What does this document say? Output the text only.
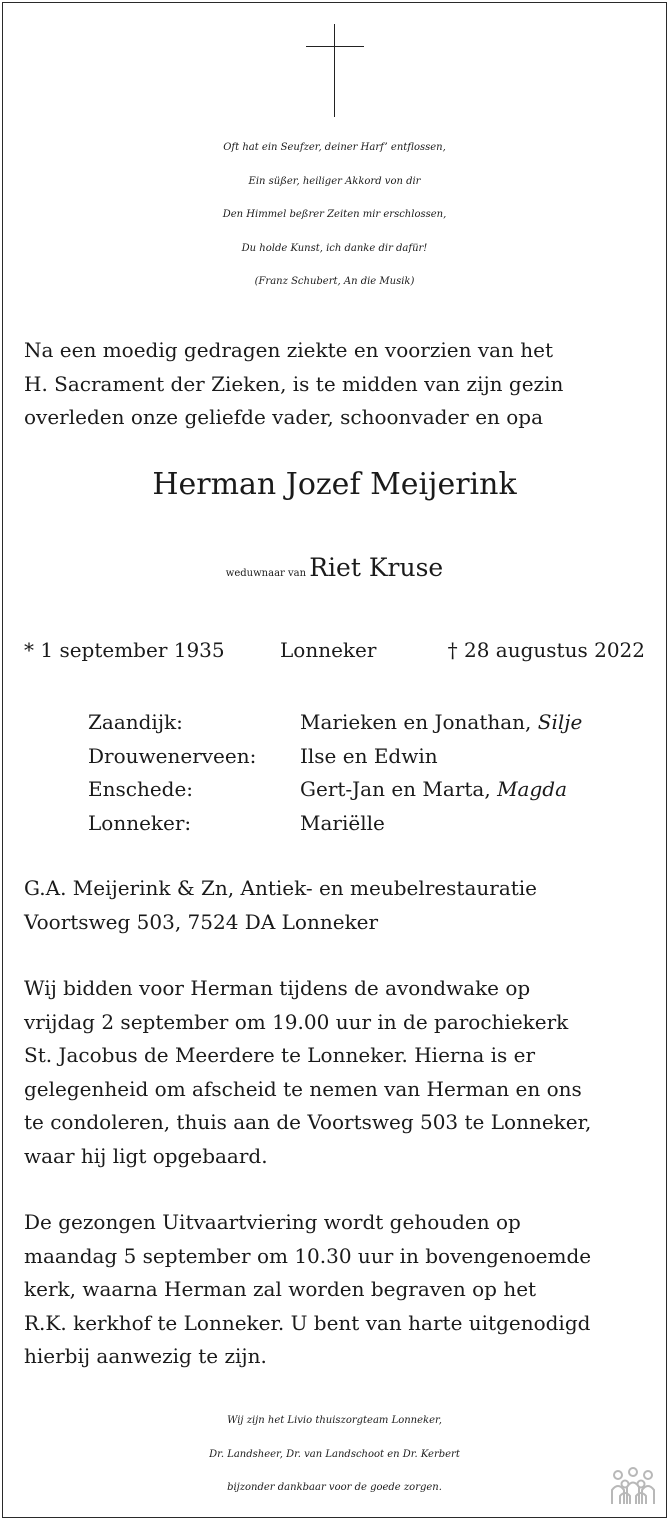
Oft hat ein Seufzer, deiner Harf’ entflossen,
Ein süßer, heiliger Akkord von dir
Den Himmel beßrer Zeiten mir erschlossen,
Du holde Kunst, ich danke dir dafür!
(Franz Schubert, An die Musik)
Na een moedig gedragen ziekte en voorzien van het
H. Sacrament der Zieken, is te midden van zijn gezin
overleden onze geliefde vader, schoonvader en opa
Herman Jozef Meijerink
weduwnaar van Riet Kruse
* 1 september 1935	Lonneker	† 28 augustus 2022
Zaandijk:	Marieken en Jonathan, Silje
Drouwenerveen:	Ilse en Edwin
Enschede:	Gert-Jan en Marta, Magda
Lonneker:	Mariëlle
G.A. Meijerink & Zn, Antiek- en meubelrestauratie
Voortsweg 503, 7524 DA Lonneker
Wij bidden voor Herman tijdens de avondwake op
vrijdag 2 september om 19.00 uur in de parochiekerk
St. Jacobus de Meerdere te Lonneker. Hierna is er
gelegenheid om afscheid te nemen van Herman en ons
te condoleren, thuis aan de Voortsweg 503 te Lonneker,
waar hij ligt opgebaard.
De gezongen Uitvaartviering wordt gehouden op
maandag 5 september om 10.30 uur in bovengenoemde
kerk, waarna Herman zal worden begraven op het
R.K. kerkhof te Lonneker. U bent van harte uitgenodigd
hierbij aanwezig te zijn.
Wij zijn het Livio thuiszorgteam Lonneker,
Dr. Landsheer, Dr. van Landschoot en Dr. Kerbert
bijzonder dankbaar voor de goede zorgen.
